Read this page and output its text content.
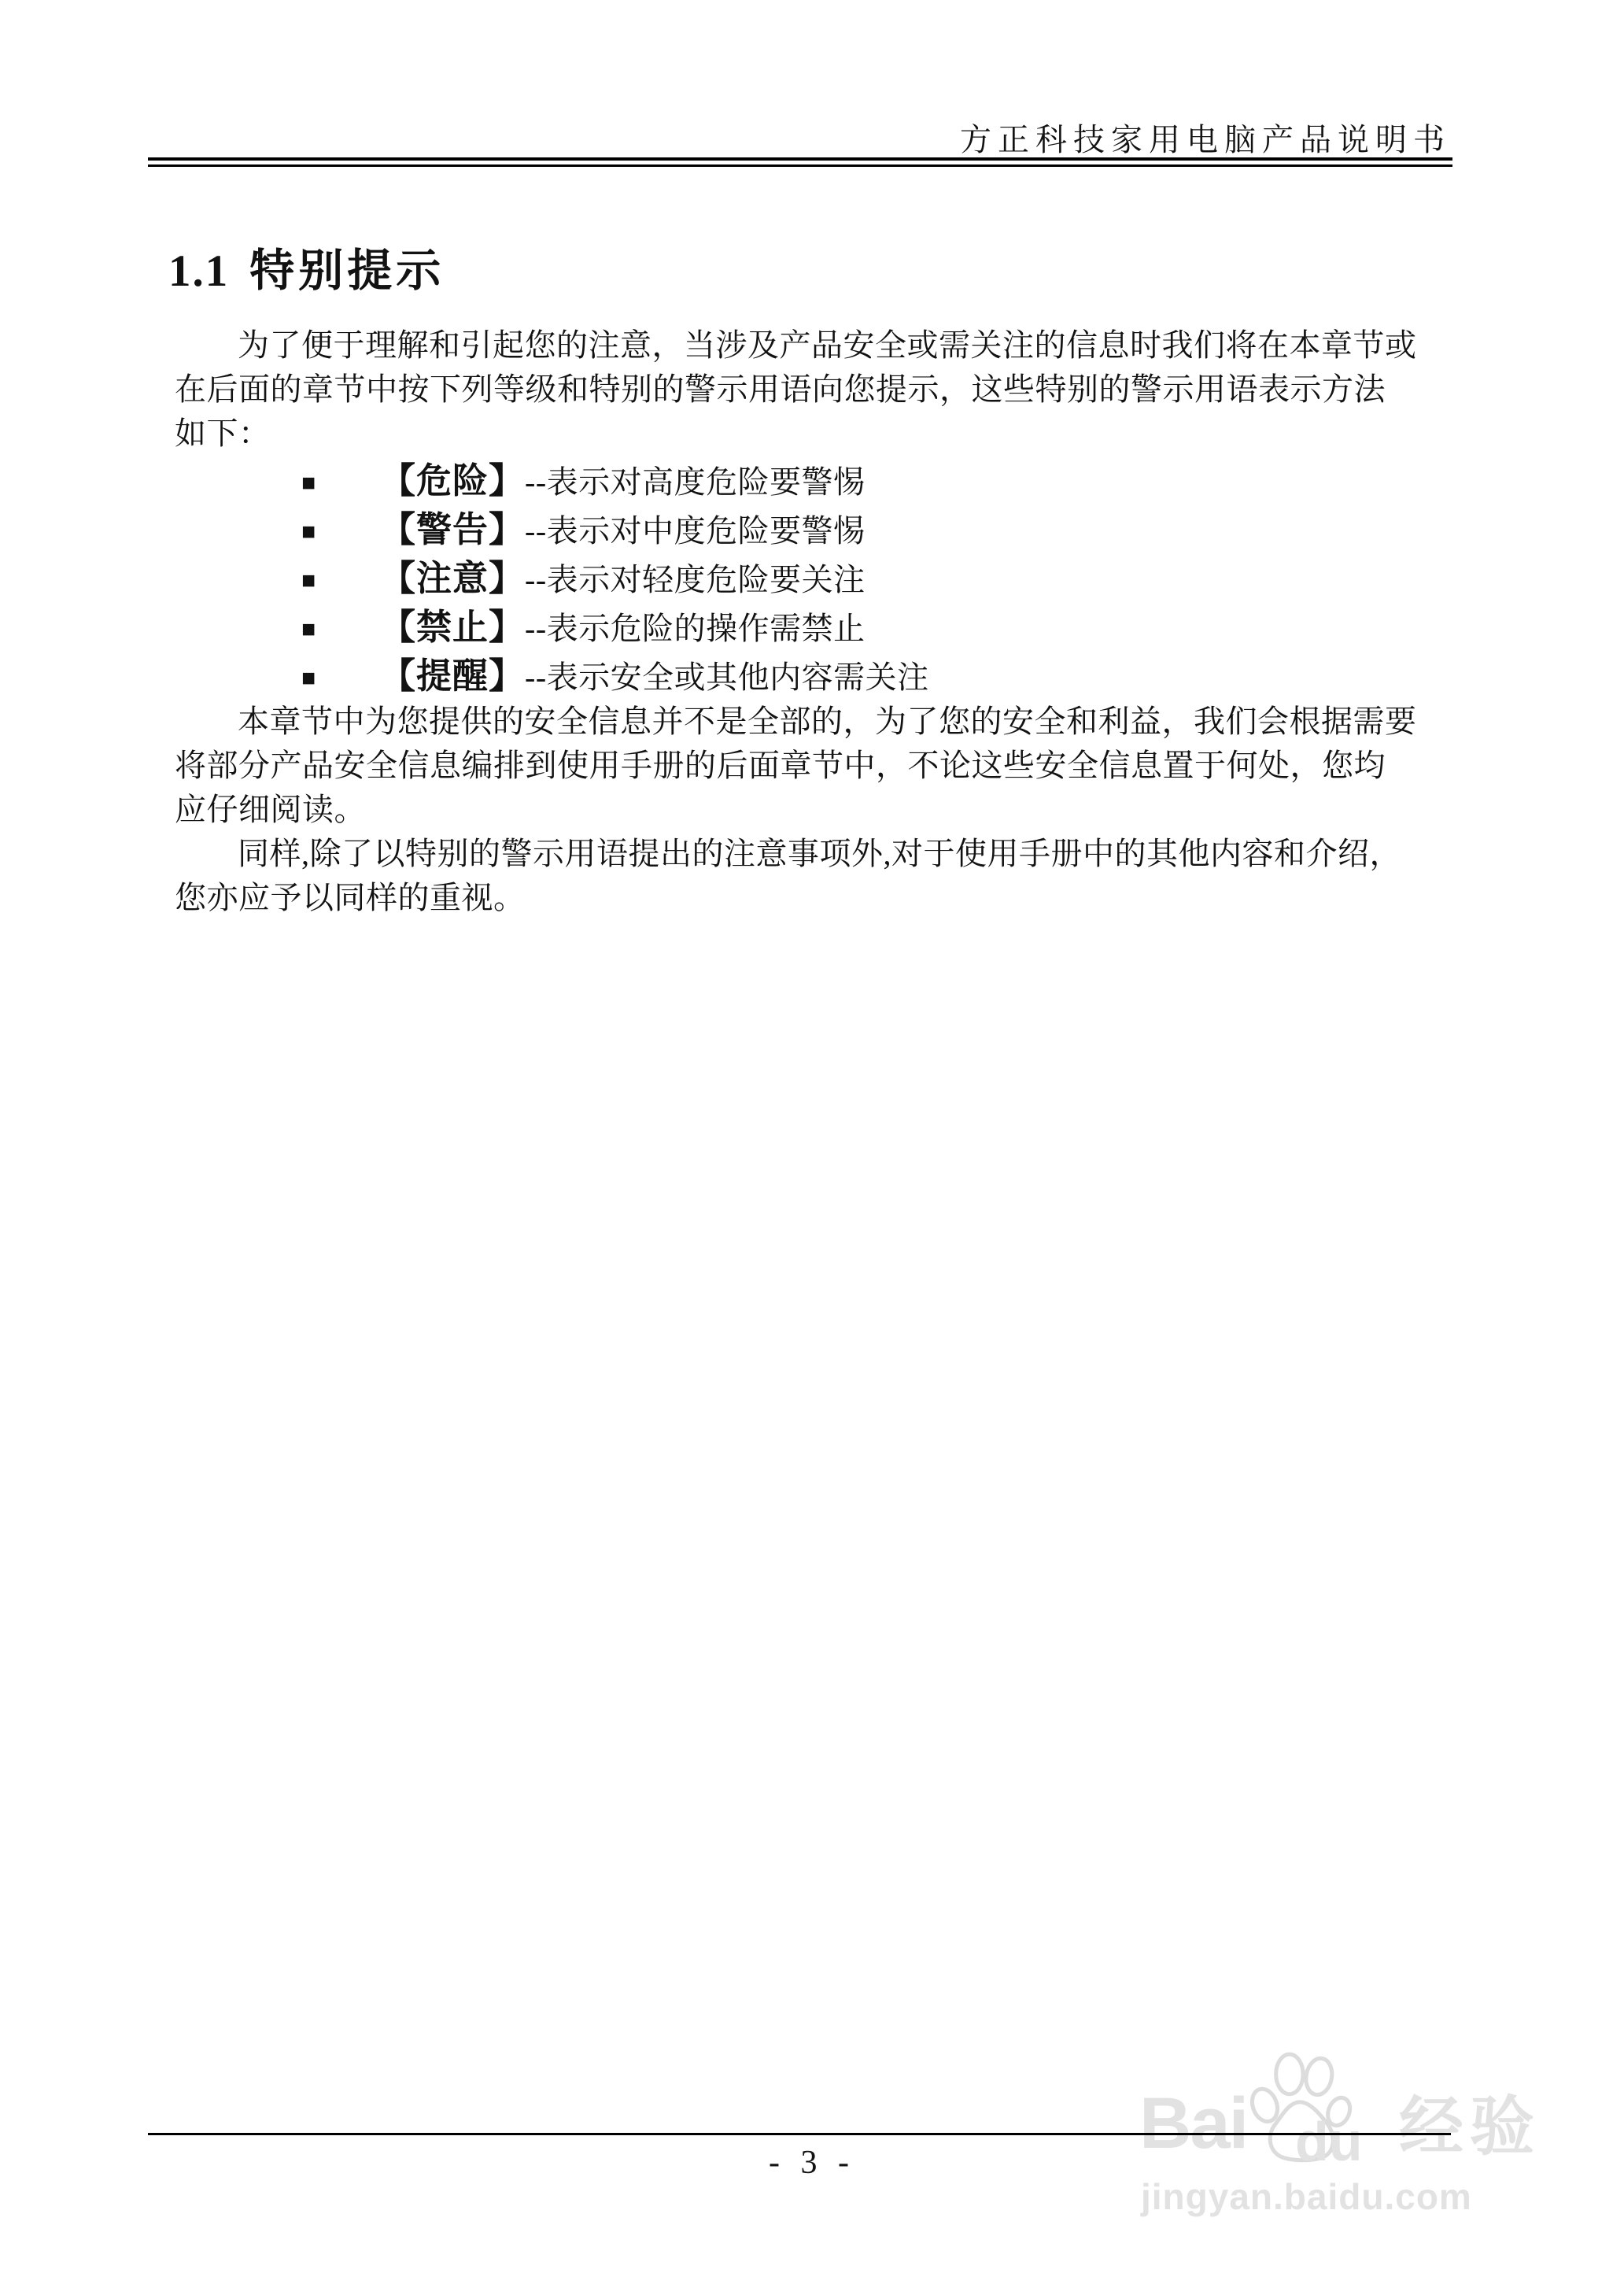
方正科技家用电脑产品说明书
1.1 特别提示
为了便于理解和引起您的注意，当涉及产品安全或需关注的信息时我们将在本章节或
在后面的章节中按下列等级和特别的警示用语向您提示，这些特别的警示用语表示方法
如下：
■ 【危险】--表示对高度危险要警惕
■ 【警告】--表示对中度危险要警惕
■ 【注意】--表示对轻度危险要关注
■ 【禁止】--表示危险的操作需禁止
■ 【提醒】--表示安全或其他内容需关注
本章节中为您提供的安全信息并不是全部的，为了您的安全和利益，我们会根据需要
将部分产品安全信息编排到使用手册的后面章节中，不论这些安全信息置于何处，您均
应仔细阅读。
同样,除了以特别的警示用语提出的注意事项外,对于使用手册中的其他内容和介绍，
您亦应予以同样的重视。
Bai du 经验
jingyan.baidu.com
- 3 -
